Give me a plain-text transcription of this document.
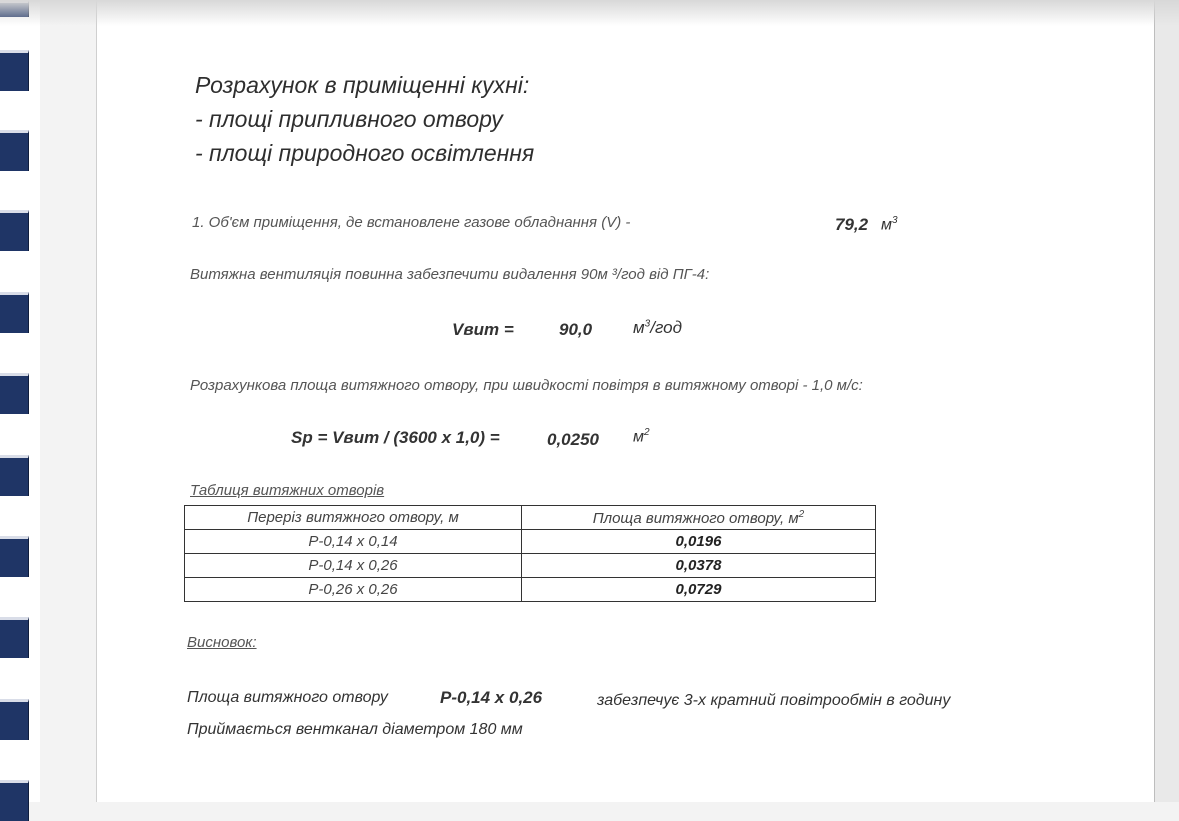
Розрахунок в приміщенні кухні:
- площі припливного отвору
- площі природного освітлення
1. Об'єм приміщення, де встановлене газове обладнання (V) -	79,2 $м^3$
Витяжна вентиляція повинна забезпечити видалення 90м ³/год від ПГ-4:
Vвит =	90,0 $м^3$/год
Розрахункова площа витяжного отвору, при швидкості повітря в витяжному отворі - 1,0 м/с:
Sp = Vвит / (3600 x 1,0) =	0,0250 $м^2$
Таблиця витяжних отворів
Переріз витяжного отвору, м	Площа витяжного отвору, $м^2$
Р-0,14 x 0,14	0,0196
Р-0,14 x 0,26	0,0378
Р-0,26 x 0,26	0,0729
Висновок:
Площа витяжного отвору	Р-0,14 x 0,26	забезпечує 3-х кратний повітрообмін в годину
Приймається вентканал діаметром 180 мм
